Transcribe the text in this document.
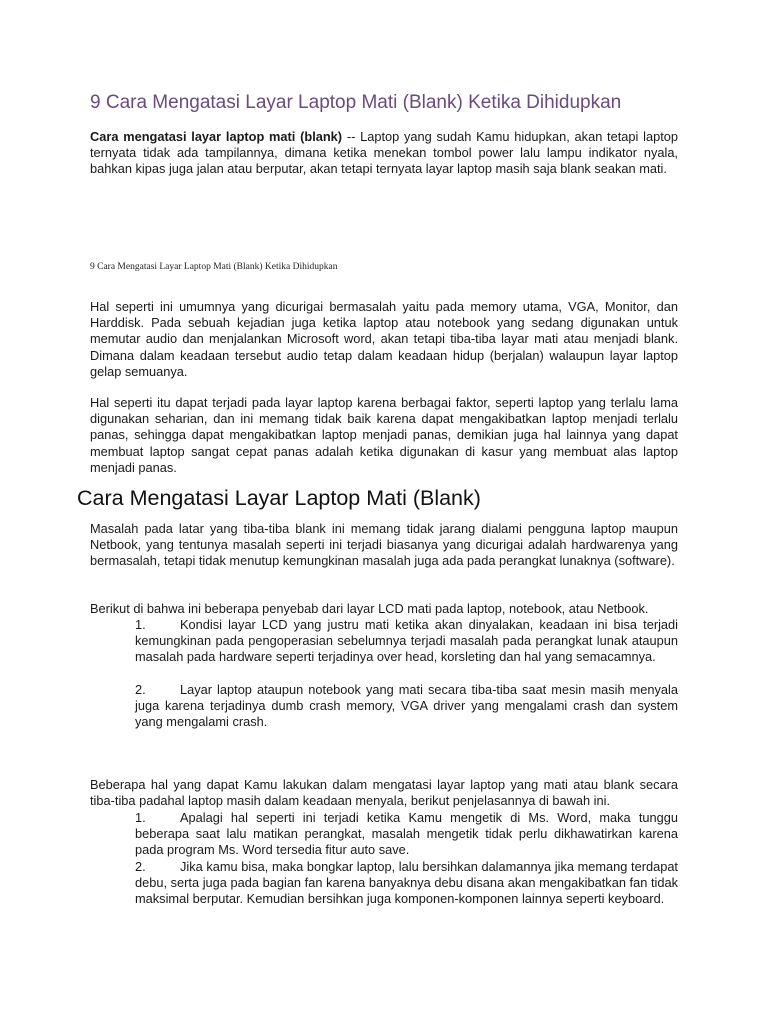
9 Cara Mengatasi Layar Laptop Mati (Blank) Ketika Dihidupkan

Cara mengatasi layar laptop mati (blank) -- Laptop yang sudah Kamu hidupkan, akan tetapi laptop ternyata tidak ada tampilannya, dimana ketika menekan tombol power lalu lampu indikator nyala, bahkan kipas juga jalan atau berputar, akan tetapi ternyata layar laptop masih saja blank seakan mati.

9 Cara Mengatasi Layar Laptop Mati (Blank) Ketika Dihidupkan

Hal seperti ini umumnya yang dicurigai bermasalah yaitu pada memory utama, VGA, Monitor, dan Harddisk. Pada sebuah kejadian juga ketika laptop atau notebook yang sedang digunakan untuk memutar audio dan menjalankan Microsoft word, akan tetapi tiba-tiba layar mati atau menjadi blank. Dimana dalam keadaan tersebut audio tetap dalam keadaan hidup (berjalan) walaupun layar laptop gelap semuanya.

Hal seperti itu dapat terjadi pada layar laptop karena berbagai faktor, seperti laptop yang terlalu lama digunakan seharian, dan ini memang tidak baik karena dapat mengakibatkan laptop menjadi terlalu panas, sehingga dapat mengakibatkan laptop menjadi panas, demikian juga hal lainnya yang dapat membuat laptop sangat cepat panas adalah ketika digunakan di kasur yang membuat alas laptop menjadi panas.

Cara Mengatasi Layar Laptop Mati (Blank)

Masalah pada latar yang tiba-tiba blank ini memang tidak jarang dialami pengguna laptop maupun Netbook, yang tentunya masalah seperti ini terjadi biasanya yang dicurigai adalah hardwarenya yang bermasalah, tetapi tidak menutup kemungkinan masalah juga ada pada perangkat lunaknya (software).

Berikut di bahwa ini beberapa penyebab dari layar LCD mati pada laptop, notebook, atau Netbook.

1.	Kondisi layar LCD yang justru mati ketika akan dinyalakan, keadaan ini bisa terjadi kemungkinan pada pengoperasian sebelumnya terjadi masalah pada perangkat lunak ataupun masalah pada hardware seperti terjadinya over head, korsleting dan hal yang semacamnya.

2.	Layar laptop ataupun notebook yang mati secara tiba-tiba saat mesin masih menyala juga karena terjadinya dumb crash memory, VGA driver yang mengalami crash dan system yang mengalami crash.

Beberapa hal yang dapat Kamu lakukan dalam mengatasi layar laptop yang mati atau blank secara tiba-tiba padahal laptop masih dalam keadaan menyala, berikut penjelasannya di bawah ini.

1.	Apalagi hal seperti ini terjadi ketika Kamu mengetik di Ms. Word, maka tunggu beberapa saat lalu matikan perangkat, masalah mengetik tidak perlu dikhawatirkan karena pada program Ms. Word tersedia fitur auto save.

2.	Jika kamu bisa, maka bongkar laptop, lalu bersihkan dalamannya jika memang terdapat debu, serta juga pada bagian fan karena banyaknya debu disana akan mengakibatkan fan tidak maksimal berputar. Kemudian bersihkan juga komponen-komponen lainnya seperti keyboard.
